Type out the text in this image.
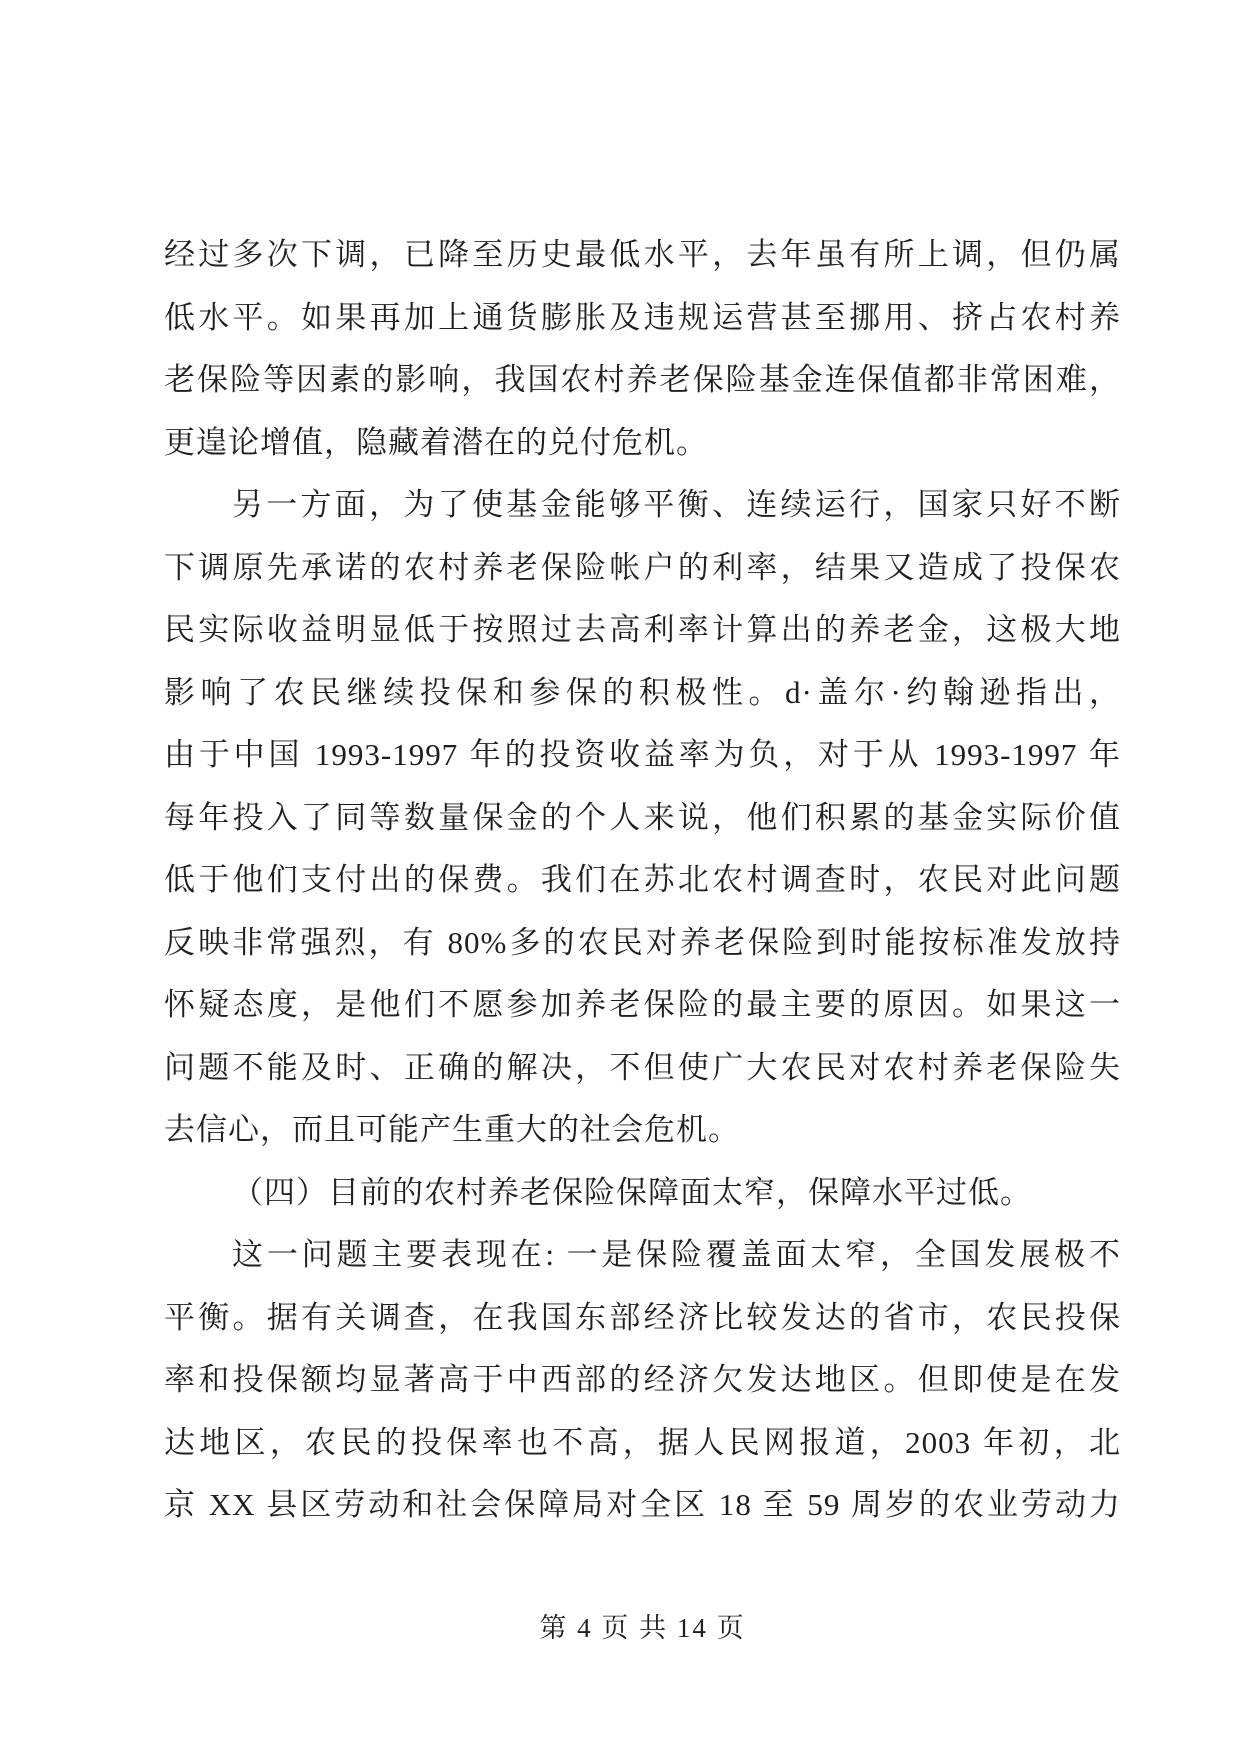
经过多次下调，已降至历史最低水平，去年虽有所上调，但仍属
低水平。如果再加上通货膨胀及违规运营甚至挪用、挤占农村养
老保险等因素的影响，我国农村养老保险基金连保值都非常困难，
更遑论增值，隐藏着潜在的兑付危机。
另一方面，为了使基金能够平衡、连续运行，国家只好不断
下调原先承诺的农村养老保险帐户的利率，结果又造成了投保农
民实际收益明显低于按照过去高利率计算出的养老金，这极大地
影响了农民继续投保和参保的积极性。d·盖尔·约翰逊指出，
由于中国 1993-1997 年的投资收益率为负，对于从 1993-1997 年
每年投入了同等数量保金的个人来说，他们积累的基金实际价值
低于他们支付出的保费。我们在苏北农村调查时，农民对此问题
反映非常强烈，有 80%多的农民对养老保险到时能按标准发放持
怀疑态度，是他们不愿参加养老保险的最主要的原因。如果这一
问题不能及时、正确的解决，不但使广大农民对农村养老保险失
去信心，而且可能产生重大的社会危机。
（四）目前的农村养老保险保障面太窄，保障水平过低。
这一问题主要表现在: 一是保险覆盖面太窄，全国发展极不
平衡。据有关调查，在我国东部经济比较发达的省市，农民投保
率和投保额均显著高于中西部的经济欠发达地区。但即使是在发
达地区，农民的投保率也不高，据人民网报道，2003 年初，北
京 XX 县区劳动和社会保障局对全区 18 至 59 周岁的农业劳动力
第 4 页 共 14 页
